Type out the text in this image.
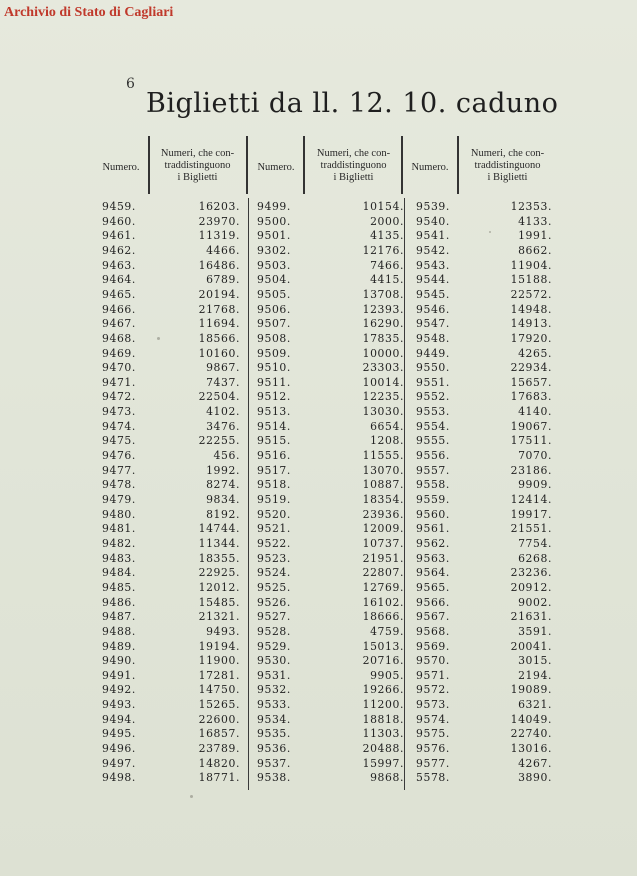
Archivio di Stato di Cagliari
6
Biglietti da ll. 12. 10. caduno
Numero.
Numeri, che con-
traddistinguono
i Biglietti
Numero.
Numeri, che con-
traddistinguono
i Biglietti
Numero.
Numeri, che con-
traddistinguono
i Biglietti
9459.	16203. 9499.	10154. 9539.	12353.
9460.	23970. 9500.	2000. 9540.	4133.
9461.	11319. 9501.	4135. 9541.	1991.
9462.	4466. 9302.	12176. 9542.	8662.
9463.	16486. 9503.	7466. 9543.	11904.
9464.	6789. 9504.	4415. 9544.	15188.
9465.	20194. 9505.	13708. 9545.	22572.
9466.	21768. 9506.	12393. 9546.	14948.
9467.	11694. 9507.	16290. 9547.	14913.
9468.	18566. 9508.	17835. 9548.	17920.
9469.	10160. 9509.	10000. 9449.	4265.
9470.	9867. 9510.	23303. 9550.	22934.
9471.	7437. 9511.	10014. 9551.	15657.
9472.	22504. 9512.	12235. 9552.	17683.
9473.	4102. 9513.	13030. 9553.	4140.
9474.	3476. 9514.	6654. 9554.	19067.
9475.	22255. 9515.	1208. 9555.	17511.
9476.	456. 9516.	11555. 9556.	7070.
9477.	1992. 9517.	13070. 9557.	23186.
9478.	8274. 9518.	10887. 9558.	9909.
9479.	9834. 9519.	18354. 9559.	12414.
9480.	8192. 9520.	23936. 9560.	19917.
9481.	14744. 9521.	12009. 9561.	21551.
9482.	11344. 9522.	10737. 9562.	7754.
9483.	18355. 9523.	21951. 9563.	6268.
9484.	22925. 9524.	22807. 9564.	23236.
9485.	12012. 9525.	12769. 9565.	20912.
9486.	15485. 9526.	16102. 9566.	9002.
9487.	21321. 9527.	18666. 9567.	21631.
9488.	9493. 9528.	4759. 9568.	3591.
9489.	19194. 9529.	15013. 9569.	20041.
9490.	11900. 9530.	20716. 9570.	3015.
9491.	17281. 9531.	9905. 9571.	2194.
9492.	14750. 9532.	19266. 9572.	19089.
9493.	15265. 9533.	11200. 9573.	6321.
9494.	22600. 9534.	18818. 9574.	14049.
9495.	16857. 9535.	11303. 9575.	22740.
9496.	23789. 9536.	20488. 9576.	13016.
9497.	14820. 9537.	15997. 9577.	4267.
9498.	18771. 9538.	9868. 5578.	3890.
